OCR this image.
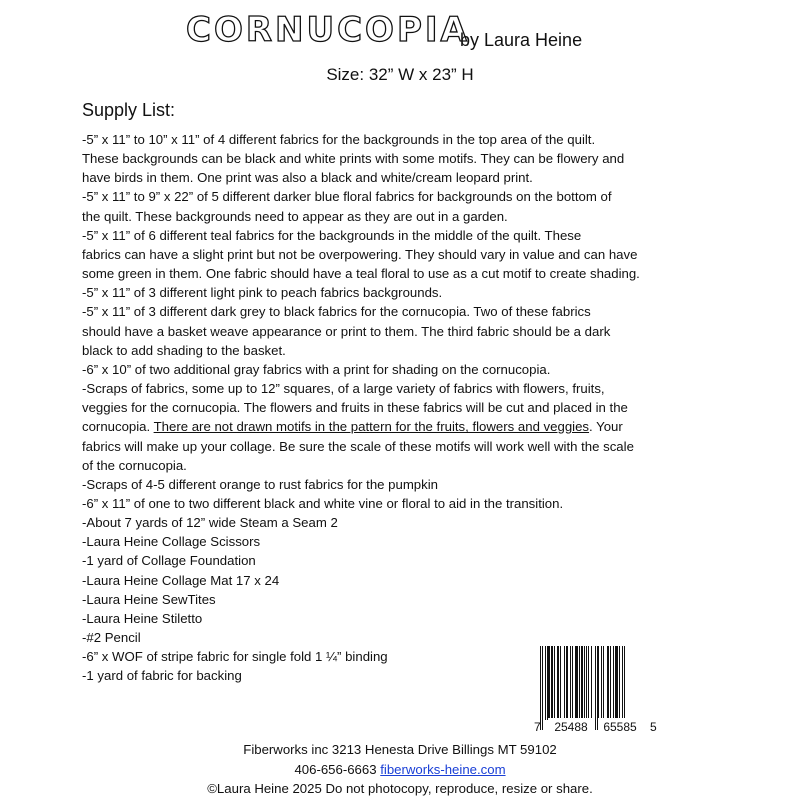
CORNUCOPIA
by Laura Heine
Size: 32” W x 23” H
Supply List:
-5” x 11” to 10” x 11” of 4 different fabrics for the backgrounds in the top area of the quilt.
These backgrounds can be black and white prints with some motifs. They can be flowery and
have birds in them. One print was also a black and white/cream leopard print.
-5” x 11” to 9” x 22” of 5 different darker blue floral fabrics for backgrounds on the bottom of
the quilt. These backgrounds need to appear as they are out in a garden.
-5” x 11” of 6 different teal fabrics for the backgrounds in the middle of the quilt. These
fabrics can have a slight print but not be overpowering. They should vary in value and can have
some green in them. One fabric should have a teal floral to use as a cut motif to create shading.
-5” x 11” of 3 different light pink to peach fabrics backgrounds.
-5” x 11” of 3 different dark grey to black fabrics for the cornucopia. Two of these fabrics
should have a basket weave appearance or print to them. The third fabric should be a dark
black to add shading to the basket.
-6” x 10” of two additional gray fabrics with a print for shading on the cornucopia.
-Scraps of fabrics, some up to 12” squares, of a large variety of fabrics with flowers, fruits,
veggies for the cornucopia. The flowers and fruits in these fabrics will be cut and placed in the
cornucopia. There are not drawn motifs in the pattern for the fruits, flowers and veggies. Your
fabrics will make up your collage. Be sure the scale of these motifs will work well with the scale
of the cornucopia.
-Scraps of 4-5 different orange to rust fabrics for the pumpkin
-6” x 11” of one to two different black and white vine or floral to aid in the transition.
-About 7 yards of 12” wide Steam a Seam 2
-Laura Heine Collage Scissors
-1 yard of Collage Foundation
-Laura Heine Collage Mat 17 x 24
-Laura Heine SewTites
-Laura Heine Stiletto
-#2 Pencil
-6” x WOF of stripe fabric for single fold 1 ¼” binding
-1 yard of fabric for backing
7	25488	65585	5
Fiberworks inc 3213 Henesta Drive Billings MT 59102
406-656-6663 fiberworks-heine.com
©Laura Heine 2025 Do not photocopy, reproduce, resize or share.
